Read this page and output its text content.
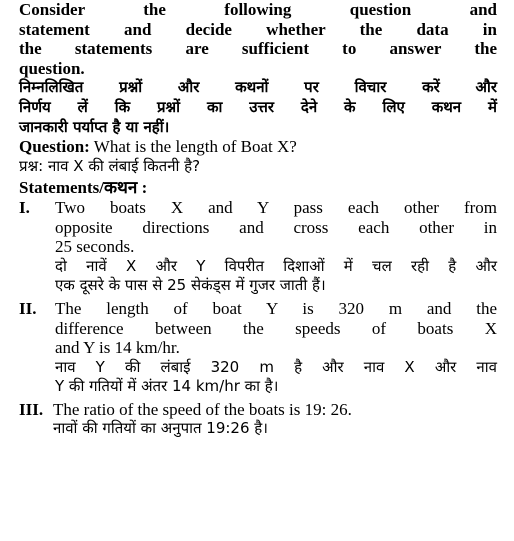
Consider the following question and
statement and decide whether the data in
the statements are sufficient to answer the
question.
निम्नलिखित प्रश्नों और कथनों पर विचार करें और
निर्णय लें कि प्रश्नों का उत्तर देने के लिए कथन में
जानकारी पर्याप्त है या नहीं।
Question: What is the length of Boat X?
प्रश्न: नाव X की लंबाई कितनी है?
Statements/कथन :
I. Two boats X and Y pass each other from
opposite directions and cross each other in
25 seconds.
दो नावें X और Y विपरीत दिशाओं में चल रही है और
एक दूसरे के पास से 25 सेकंड्स में गुजर जाती हैं।
II. The length of boat Y is 320 m and the
difference between the speeds of boats X
and Y is 14 km/hr.
नाव Y की लंबाई 320 m है और नाव X और नाव
Y की गतियों में अंतर 14 km/hr का है।
III. The ratio of the speed of the boats is 19: 26.
नावों की गतियों का अनुपात 19:26 है।
